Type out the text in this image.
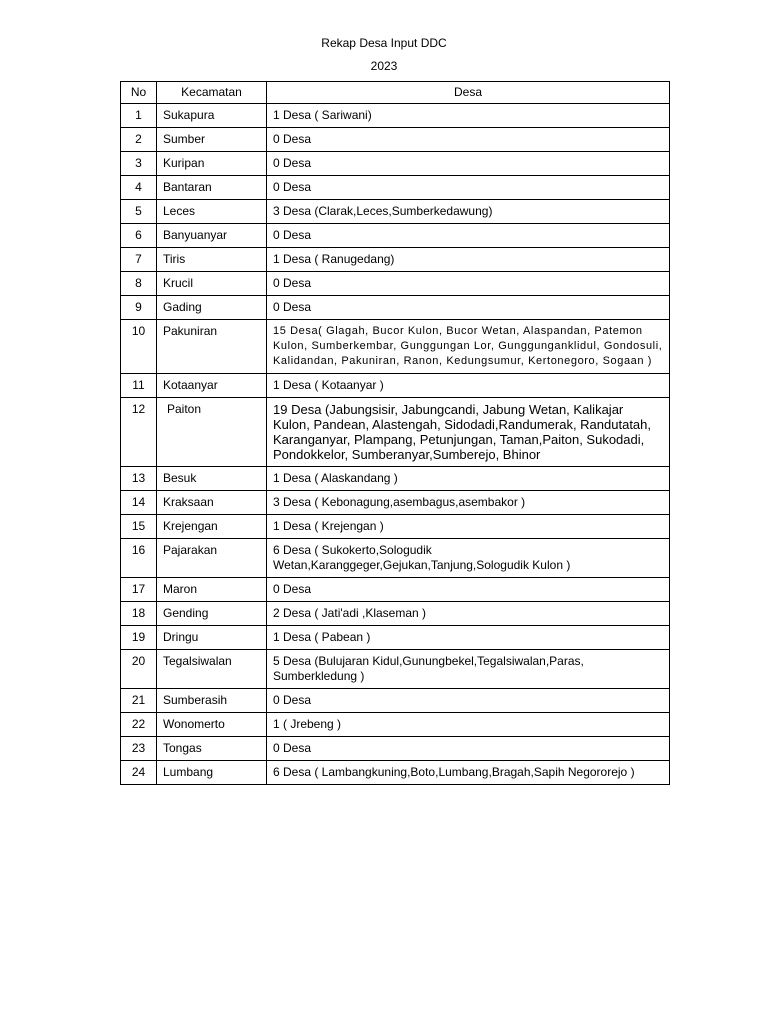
Rekap Desa Input DDC
2023
No	Kecamatan	Desa
1	Sukapura	1 Desa ( Sariwani)
2	Sumber	0 Desa
3	Kuripan	0 Desa
4	Bantaran	0 Desa
5	Leces	3 Desa (Clarak,Leces,Sumberkedawung)
6	Banyuanyar	0 Desa
7	Tiris	1 Desa ( Ranugedang)
8	Krucil	0 Desa
9	Gading	0 Desa
10	Pakuniran	15 Desa( Glagah, Bucor Kulon, Bucor Wetan, Alaspandan, Patemon Kulon, Sumberkembar, Gunggungan Lor, Gunggunganklidul, Gondosuli, Kalidandan, Pakuniran, Ranon, Kedungsumur, Kertonegoro, Sogaan )
11	Kotaanyar	1 Desa ( Kotaanyar )
12	Paiton	19 Desa (Jabungsisir, Jabungcandi, Jabung Wetan, Kalikajar Kulon, Pandean, Alastengah, Sidodadi,Randumerak, Randutatah, Karanganyar, Plampang, Petunjungan, Taman,Paiton, Sukodadi, Pondokkelor, Sumberanyar,Sumberejo, Bhinor
13	Besuk	1 Desa ( Alaskandang )
14	Kraksaan	3 Desa ( Kebonagung,asembagus,asembakor )
15	Krejengan	1 Desa ( Krejengan )
16	Pajarakan	6 Desa ( Sukokerto,Sologudik Wetan,Karanggeger,Gejukan,Tanjung,Sologudik Kulon )
17	Maron	0 Desa
18	Gending	2 Desa ( Jati'adi ,Klaseman )
19	Dringu	1 Desa ( Pabean )
20	Tegalsiwalan	5 Desa (Bulujaran Kidul,Gunungbekel,Tegalsiwalan,Paras, Sumberkledung )
21	Sumberasih	0 Desa
22	Wonomerto	1 ( Jrebeng )
23	Tongas	0 Desa
24	Lumbang	6 Desa ( Lambangkuning,Boto,Lumbang,Bragah,Sapih Negororejo )
